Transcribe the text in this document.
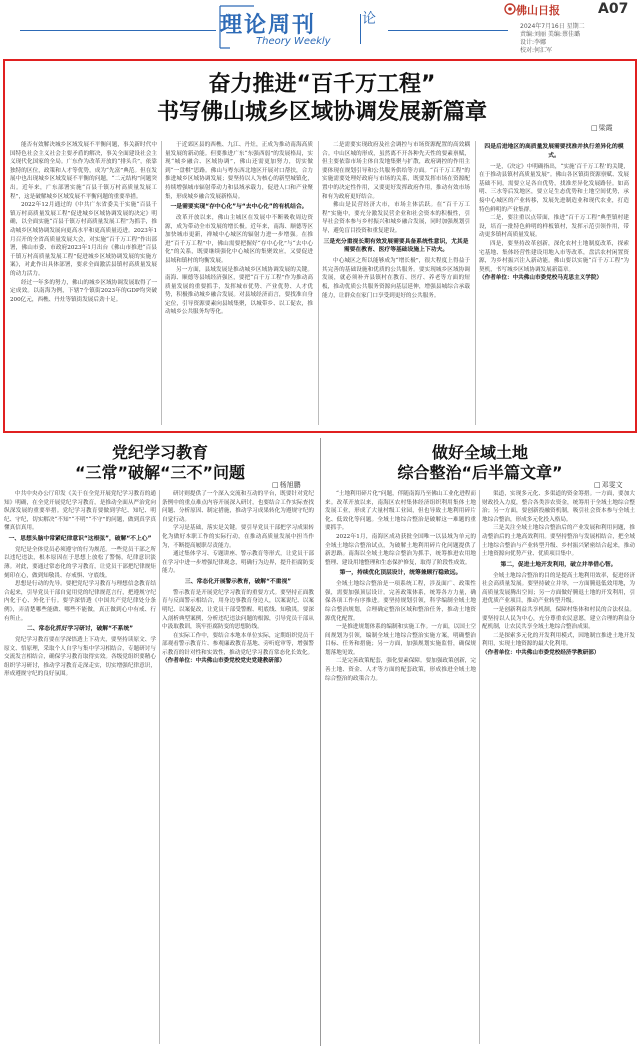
理论周刊
Theory Weekly
论
佛山日报	A07
2024年7月16日 星期二
责编:刘丽 美编:蔡佳璐
设计:李娜
校对:何汇军
奋力推进“百千万工程”
书写佛山城乡区域协调发展新篇章
□ 梁霞

能否有效解决城乡区域发展不平衡问题，事关新时代中国特色社会主义社会主要矛盾的解决，事关全面建设社会主义现代化国家的全局。广东作为改革开放的“排头兵”，依靠独特的区位，政策和人才等优势，成为“先富”典范。但在发展中也出现城乡区域发展不平衡的问题，“二元结构”问题突出。近年来，广东部署实施“百县千镇万村高质量发展工程”，这是破解城乡区域发展不平衡问题的重要举措。

2022年12月通过的《中共广东省委关于实施“百县千镇万村高质量发展工程”促进城乡区域协调发展的决定》明确，以全面实施“百县千镇万村高质量发展工程”为抓手，推动城乡区域协调发展向更高水平和更高质量迈进。2023年1月召开的全省高质量发展大会，对实施“百千万工程”作出部署，佛山市委、市政府2023年1月出台《佛山市推进“百县千镇万村高质量发展工程”促进城乡区域协调发展的实施方案》，对此作出具体部署，要求全面激活县镇村高质量发展的动力活力。

经过一年多的努力，佛山的城乡区域协调发展取得了一定成效。以南海为例，下辖7个镇街2023年的GDP均突破200亿元，西樵、丹灶等镇街发展后劲十足。

于近郊区县的西樵、九江、丹灶，正成为推动南海高质量发展的新动能。但要推进广东“东强西弱”的发展格局，实现“城乡融合、区域协调”，佛山还需更加努力，切实做到“一盘棋”思路。佛山与粤东西北地区开展对口帮扶，合力推进城乡区域协调发展；要坚持以人为核心的新型城镇化，持续增强城市辐射带动力和县域承载力，促进人口和产业聚集，形成城乡融合发展新格局。

一是需要实现“存中心化”与“去中心化”的有机结合。

改革开放以来，佛山主城区在发展中不断吸收周边资源，成为带动全市发展的增长极。近年来，南海、顺德等区加快城市更新，禅城中心城区的辐射力进一步增强。在推进“百千万工程”中，佛山需要把握好“存中心化”与“去中心化”的关系，既要继续强化中心城区的集聚效应，又要促进县域和镇村的均衡发展。

另一方面，县域发展是推动城乡区域协调发展的关键。南海、顺德等县域经济强区，要把“百千万工程”作为推动高质量发展的重要抓手，发挥城市优势、产业优势、人才优势，积极推动城乡融合发展。对县域经济而言，要找准自身定位，引导资源要素向县域集聚，以城带乡、以工促农，推动城乡公共服务均等化。

二是需要实现政府及社会调控与市场资源配置的高效耦合。中山区城的形成，虽然离不开各种先天性的要素禀赋，但主要依靠市场主体自发地集聚与扩散，政府调控的作用主要体现在规划引导和公共服务供给等方面。“百千万工程”的实施需要处理好政府与市场的关系，既要发挥市场在资源配置中的决定性作用，又要更好发挥政府作用，推动有效市场和有为政府更好结合。

佛山是民营经济大市，市场主体活跃。在“百千万工程”实施中，要充分激发民营企业和社会资本的积极性，引导社会资本参与乡村振兴和城乡融合发展，同时加强规划引导，避免盲目投资和重复建设。

三是充分重视长期有效发展需要具备系统性意识，尤其是需要在教育、医疗等基础设施上下功夫。

中心城区之所以能够成为“增长极”，很大程度上得益于其完善的基础设施和优质的公共服务。要实现城乡区域协调发展，就必须补齐县镇村在教育、医疗、养老等方面的短板，推动优质公共服务资源向基层延伸，增强县城综合承载能力，让群众在家门口享受到更好的公共服务。

四是后进地区的高质量发展需要找准并执行差异化的模式。

一是，《决定》中明确指出，“实施‘百千万工程’的关键，在于推动县镇村高质量发展”。佛山各区镇街资源禀赋、发展基础不同，需要立足各自优势，找准差异化发展路径。如高明、三水等后发地区，要立足生态优势和土地空间优势，承接中心城区的产业转移，发展先进制造业和现代农业，打造特色鲜明的产业集群。

二是，要注重以点带面，推进“百千万工程”典型镇村建设，培育一批特色鲜明的样板镇村，发挥示范引领作用，带动更多镇村高质量发展。

四是，要坚持改革创新，深化农村土地制度改革，探索宅基地、集体经营性建设用地入市等改革，盘活农村闲置资源，为乡村振兴注入新动能。佛山要以实施“百千万工程”为契机，书写城乡区域协调发展新篇章。

（作者单位：中共佛山市委党校马克思主义学院）

党纪学习教育
“三常”破解“三不”问题
□ 杨旭鹏

中共中央办公厅印发《关于在全党开展党纪学习教育的通知》明确，在全党开展党纪学习教育，是推动全面从严治党向纵深发展的重要举措。党纪学习教育要做到学纪、知纪、明纪、守纪，切实解决“不知”“不明”“不守”的问题，做到真学真懂真信真用。

一、思想头脑中常紧纪律意识“这根弦”，破解“不上心”

党纪是全体党员必须遵守的行为规范。一些党员干部之所以违纪违法，根本原因在于思想上放松了警惕，纪律意识淡薄。对此，要通过常态化的学习教育，让党员干部把纪律规矩刻印在心，做到知敬畏、存戒惧、守底线。

思想是行动的先导。要把党纪学习教育与理想信念教育结合起来，引导党员干部自觉用党的纪律规范言行，把遵规守纪内化于心、外化于行。要学深悟透《中国共产党纪律处分条例》，弄清楚哪些能做、哪些不能做，真正做到心中有戒、行有所止。

二、常态化抓好学习研讨，破解“不系统”

党纪学习教育要在学深悟透上下功夫，要坚持读原文、学原文、悟原理，采取个人自学与集中学习相结合，专题研讨与交流发言相结合，确保学习教育取得实效。各级党组织要精心组织学习研讨，推动学习教育走深走实，切实增强纪律意识，形成遵规守纪的良好氛围。

研讨则提供了一个深入交流和互动的平台，既要针对党纪条例中的重点难点内容开展深入研讨，也要结合工作实际查找问题、分析原因、制定措施，推动学习成果转化为遵规守纪的自觉行动。

学习是基础，落实是关键。要引导党员干部把学习成果转化为做好本职工作的实际行动，在推动高质量发展中担当作为，不断提高履职尽责能力。

通过集体学习、专题讲座、警示教育等形式，让党员干部在学习中进一步增强纪律观念，明确行为边界，提升拒腐防变能力。

三、常态化开展警示教育，破解“不重视”

警示教育是开展党纪学习教育的重要方式。要坚持正面教育与反面警示相结合，用身边事教育身边人，以案说纪、以案明纪、以案促改，让党员干部受警醒、明底线、知敬畏。要深入剖析典型案例，分析违纪违法问题的根源，引导党员干部从中汲取教训，筑牢拒腐防变的思想防线。

在实际工作中，要结合本地本单位实际，定期组织党员干部观看警示教育片、参观廉政教育基地、旁听庭审等，增强警示教育的针对性和实效性，推动党纪学习教育常态化长效化。

（作者单位：中共佛山市委党校党史党建教研部）

做好全域土地
综合整治“后半篇文章”
□ 邓雯文

“土地利用碎片化”问题，伴随南海乃至佛山工业化进程而来。改革开放以来，南海区农村集体经济组织利用集体土地发展工业，形成了大量村级工业园，但也导致土地利用碎片化、低效化等问题。全域土地综合整治是破解这一难题的重要抓手。

2022年1月，南海区成功获批全国唯一以县域为单元的全域土地综合整治试点，为破解土地利用碎片化问题提供了新思路。南海以全域土地综合整治为抓手，统筹推进农用地整理、建设用地整理和生态保护修复，取得了阶段性成效。

第一，持续优化顶层设计，统筹兼顾行稳致远。

全域土地综合整治是一项系统工程，涉及面广、政策性强，需要加强顶层设计，完善政策体系，统筹各方力量，确保各项工作有序推进。要坚持规划引领，科学编制全域土地综合整治规划，合理确定整治区域和整治任务，推动土地资源优化配置。

一是推进规划体系的编制和实施工作。一方面，以国土空间规划为引领，编制全域土地综合整治实施方案，明确整治目标、任务和措施；另一方面，加强规划实施监督，确保规划落地见效。

二是完善政策配套，强化要素保障。要加强政策创新，完善土地、资金、人才等方面的配套政策，形成推进全域土地综合整治的政策合力。

渠道，实现多元化、多渠道的资金筹措。一方面，要加大财政投入力度，整合各类涉农资金，统筹用于全域土地综合整治；另一方面，要创新投融资机制，吸引社会资本参与全域土地综合整治，形成多元化投入格局。

三是关注全域土地综合整治后的产业发展和利用问题，推动整治后的土地高效利用。要坚持整治与发展相结合，把全域土地综合整治与产业转型升级、乡村振兴紧密结合起来，推动土地资源向优势产业、优质项目集中。

第二，促进土地开发利用，破立并举借心智。

全域土地综合整治的目的是提高土地利用效率，促进经济社会高质量发展。要坚持破立并举，一方面腾退低效用地，为高质量发展腾出空间；另一方面做好腾退土地的开发利用，引进优质产业项目，推动产业转型升级。

一是创新利益共享机制，保障村集体和村民的合法权益。要坚持以人民为中心，充分尊重农民意愿，建立合理的利益分配机制，让农民共享全域土地综合整治成果。

二是探索多元化的开发利用模式，因地制宜推进土地开发利用，实现土地资源的最大化利用。

（作者单位：中共佛山市委党校经济学教研部）
